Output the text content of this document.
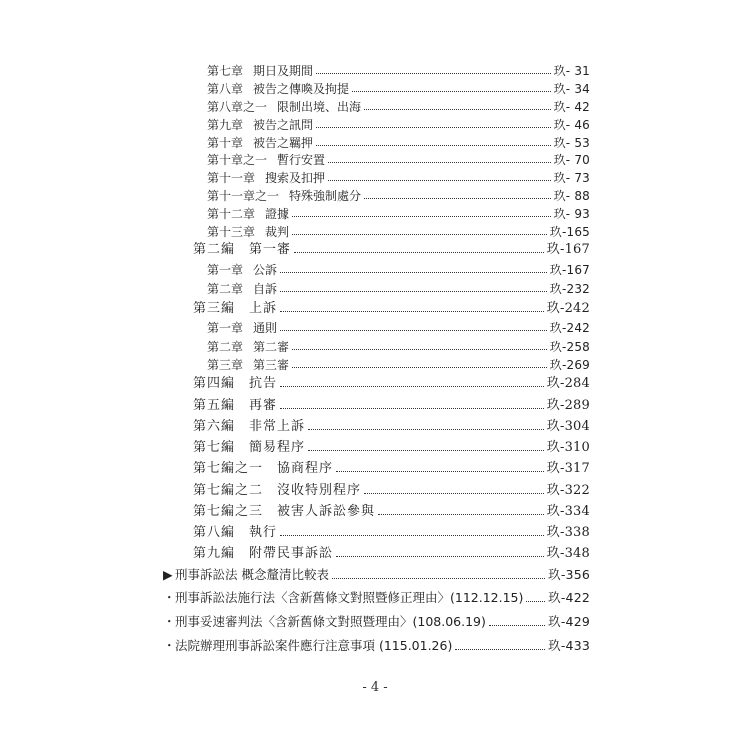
第七章 期日及期間	玖- 31
第八章 被告之傳喚及拘提	玖- 34
第八章之一 限制出境、出海	玖- 42
第九章 被告之訊問	玖- 46
第十章 被告之羈押	玖- 53
第十章之一 暫行安置	玖- 70
第十一章 搜索及扣押	玖- 73
第十一章之一 特殊強制處分	玖- 88
第十二章 證據	玖- 93
第十三章 裁判	玖-165
第二編 第一審	玖-167
第一章 公訴	玖-167
第二章 自訴	玖-232
第三編 上訴	玖-242
第一章 通則	玖-242
第二章 第二審	玖-258
第三章 第三審	玖-269
第四編 抗告	玖-284
第五編 再審	玖-289
第六編 非常上訴	玖-304
第七編 簡易程序	玖-310
第七編之一 協商程序	玖-317
第七編之二 沒收特別程序	玖-322
第七編之三 被害人訴訟參與	玖-334
第八編 執行	玖-338
第九編 附帶民事訴訟	玖-348
▶ 刑事訴訟法 概念釐清比較表	玖-356
・刑事訴訟法施行法〈含新舊條文對照暨修正理由〉(112.12.15) 玖-422
・刑事妥速審判法〈含新舊條文對照暨理由〉(108.06.19)	玖-429
・法院辦理刑事訴訟案件應行注意事項 (115.01.26)	玖-433
- 4 -
